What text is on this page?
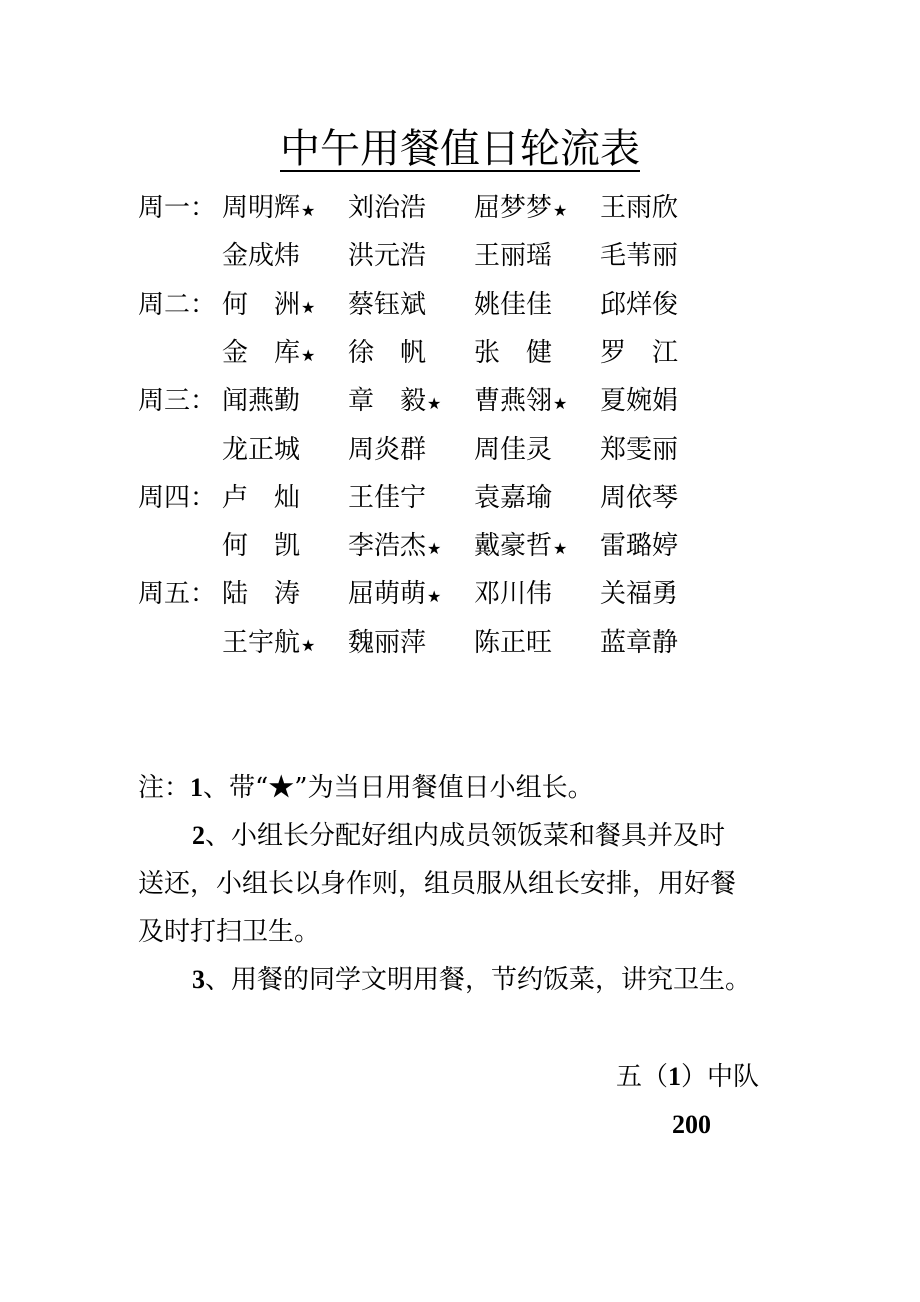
中午用餐值日轮流表
周一： 周明辉★ 刘治浩 屈梦梦★ 王雨欣
金成炜 洪元浩 王丽瑶 毛苇丽
周二： 何　洲★ 蔡钰斌 姚佳佳 邱烊俊
金　库★ 徐　帆 张　健 罗　江
周三： 闻燕勤 章　毅★ 曹燕翎★ 夏婉娟
龙正城 周炎群 周佳灵 郑雯丽
周四： 卢　灿 王佳宁 袁嘉瑜 周依琴
何　凯 李浩杰★ 戴豪哲★ 雷璐婷
周五： 陆　涛 屈萌萌★ 邓川伟 关福勇
王宇航★ 魏丽萍 陈正旺 蓝章静
注：1、带“★”为当日用餐值日小组长。
2、小组长分配好组内成员领饭菜和餐具并及时
送还，小组长以身作则，组员服从组长安排，用好餐
及时打扫卫生。
3、用餐的同学文明用餐，节约饭菜，讲究卫生。
五（1）中队
200
